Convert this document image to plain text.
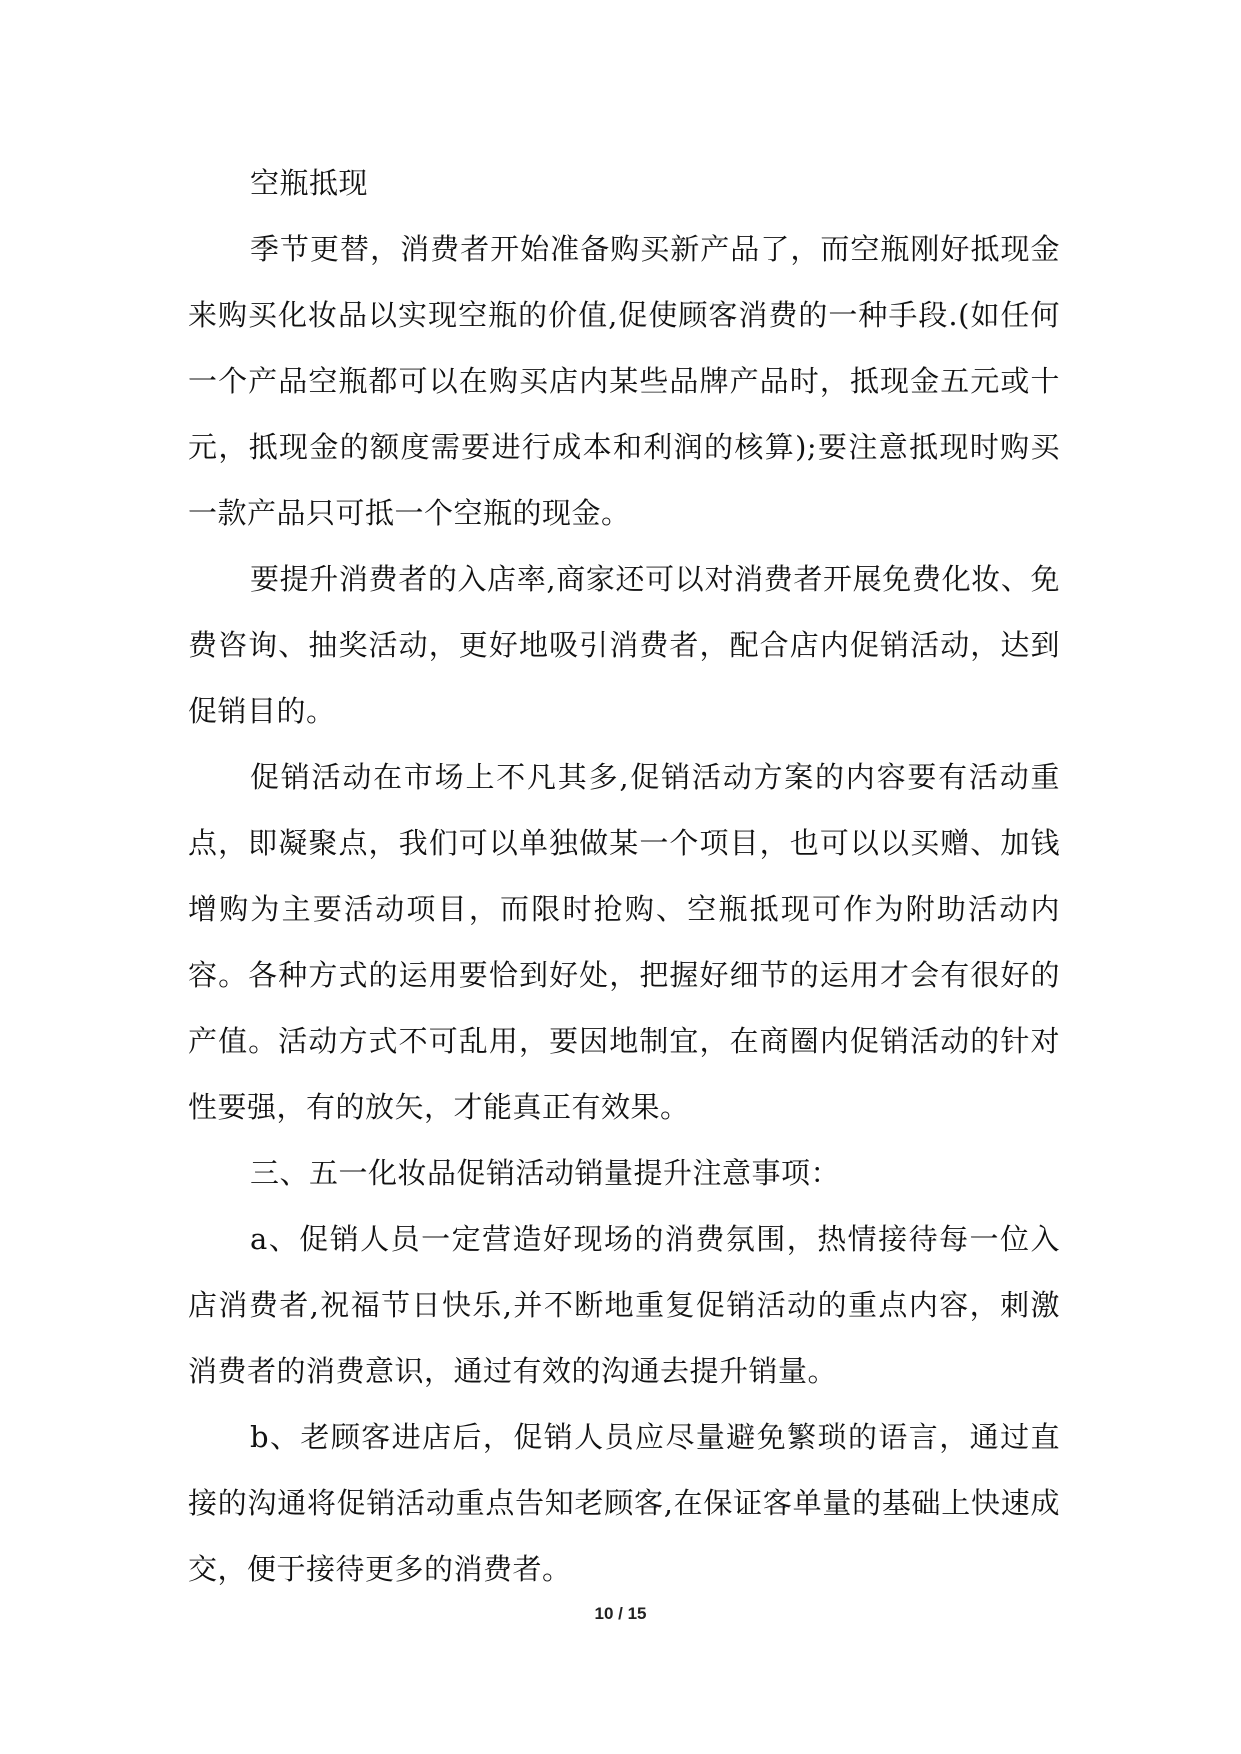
空瓶抵现

季节更替，消费者开始准备购买新产品了，而空瓶刚好抵现金来购买化妆品以实现空瓶的价值,促使顾客消费的一种手段.(如任何一个产品空瓶都可以在购买店内某些品牌产品时，抵现金五元或十元，抵现金的额度需要进行成本和利润的核算);要注意抵现时购买一款产品只可抵一个空瓶的现金。

要提升消费者的入店率,商家还可以对消费者开展免费化妆、免费咨询、抽奖活动，更好地吸引消费者，配合店内促销活动，达到促销目的。

促销活动在市场上不凡其多,促销活动方案的内容要有活动重点，即凝聚点，我们可以单独做某一个项目，也可以以买赠、加钱增购为主要活动项目，而限时抢购、空瓶抵现可作为附助活动内容。各种方式的运用要恰到好处，把握好细节的运用才会有很好的产值。活动方式不可乱用，要因地制宜，在商圈内促销活动的针对性要强，有的放矢，才能真正有效果。

三、五一化妆品促销活动销量提升注意事项：

a、促销人员一定营造好现场的消费氛围，热情接待每一位入店消费者,祝福节日快乐,并不断地重复促销活动的重点内容，刺激消费者的消费意识，通过有效的沟通去提升销量。

b、老顾客进店后，促销人员应尽量避免繁琐的语言，通过直接的沟通将促销活动重点告知老顾客,在保证客单量的基础上快速成交，便于接待更多的消费者。

10 / 15
